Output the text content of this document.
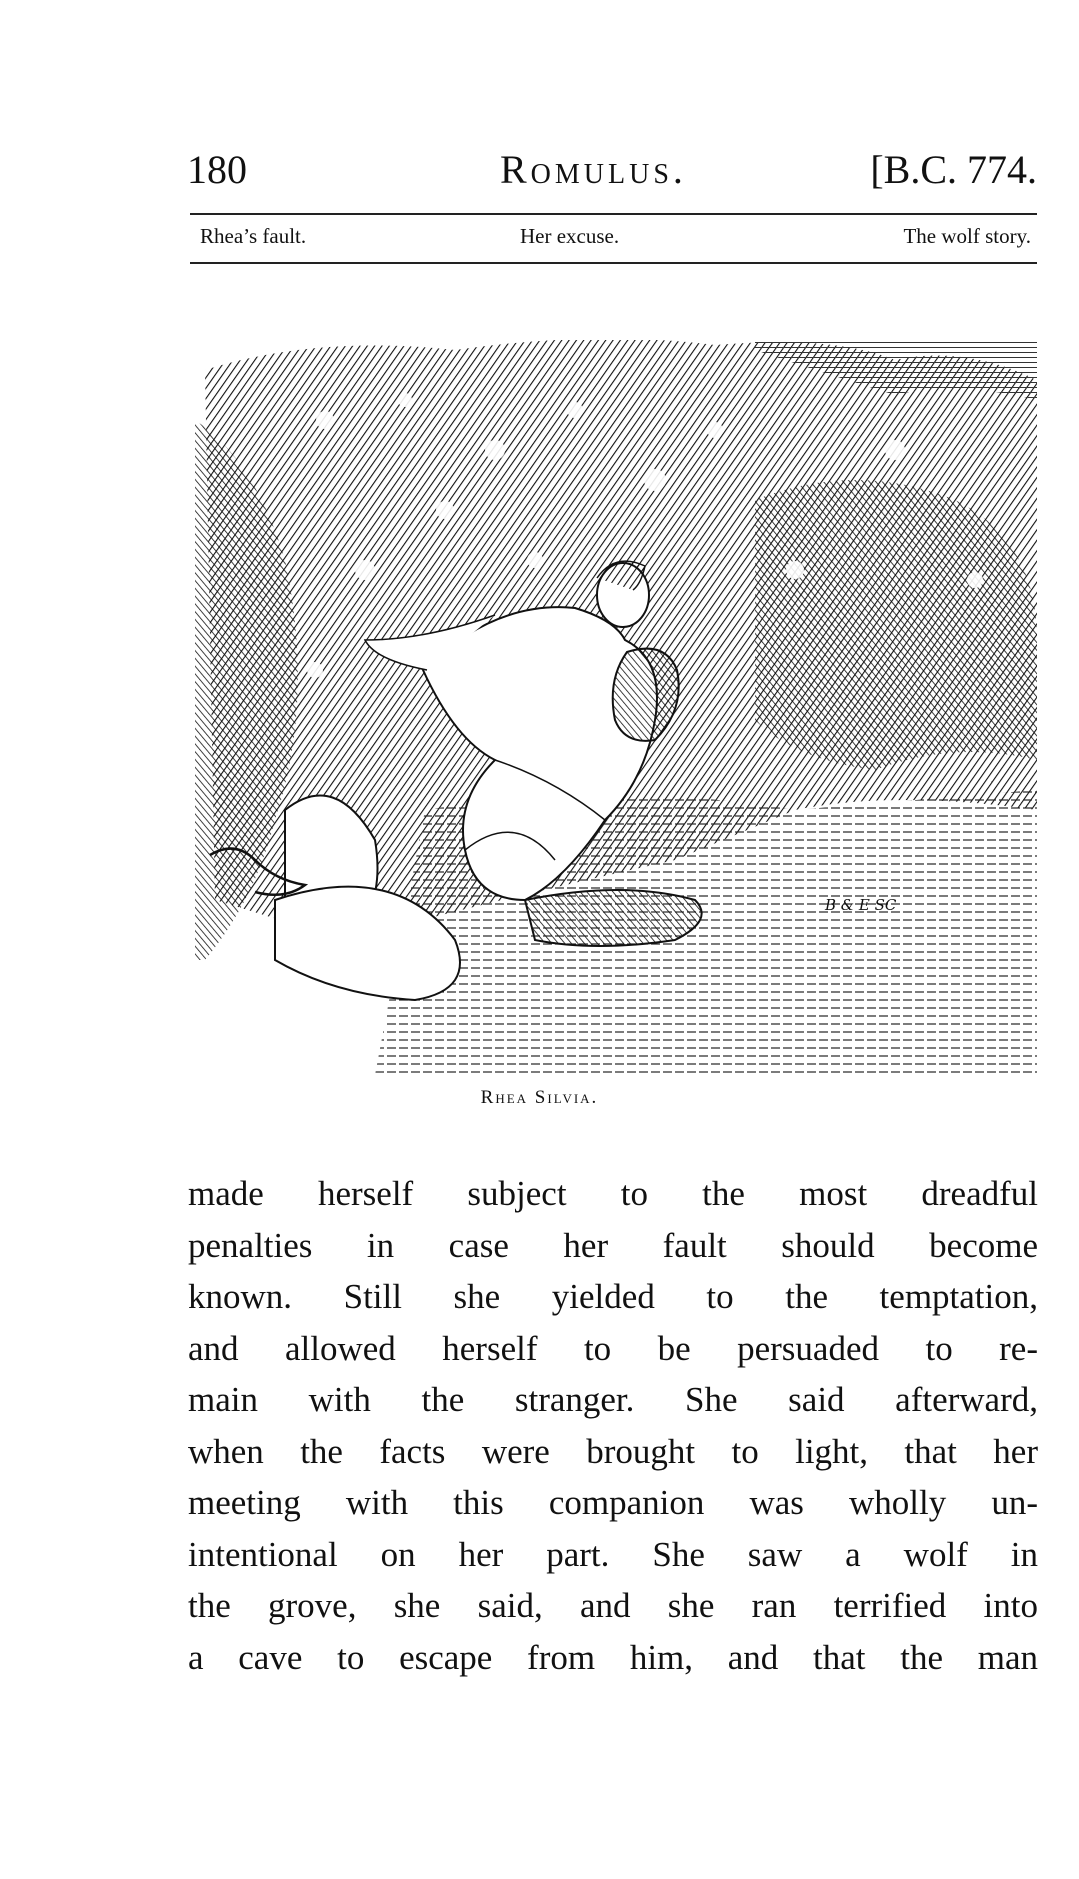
180	Romulus.	[B.C. 774.
Rhea’s fault.	Her excuse.	The wolf story.
B & E SC
Rhea Silvia.
made herself subject to the most dreadful
penalties in case her fault should become
known. Still she yielded to the temptation,
and allowed herself to be persuaded to re-
main with the stranger. She said afterward,
when the facts were brought to light, that her
meeting with this companion was wholly un-
intentional on her part. She saw a wolf in
the grove, she said, and she ran terrified into
a cave to escape from him, and that the man
